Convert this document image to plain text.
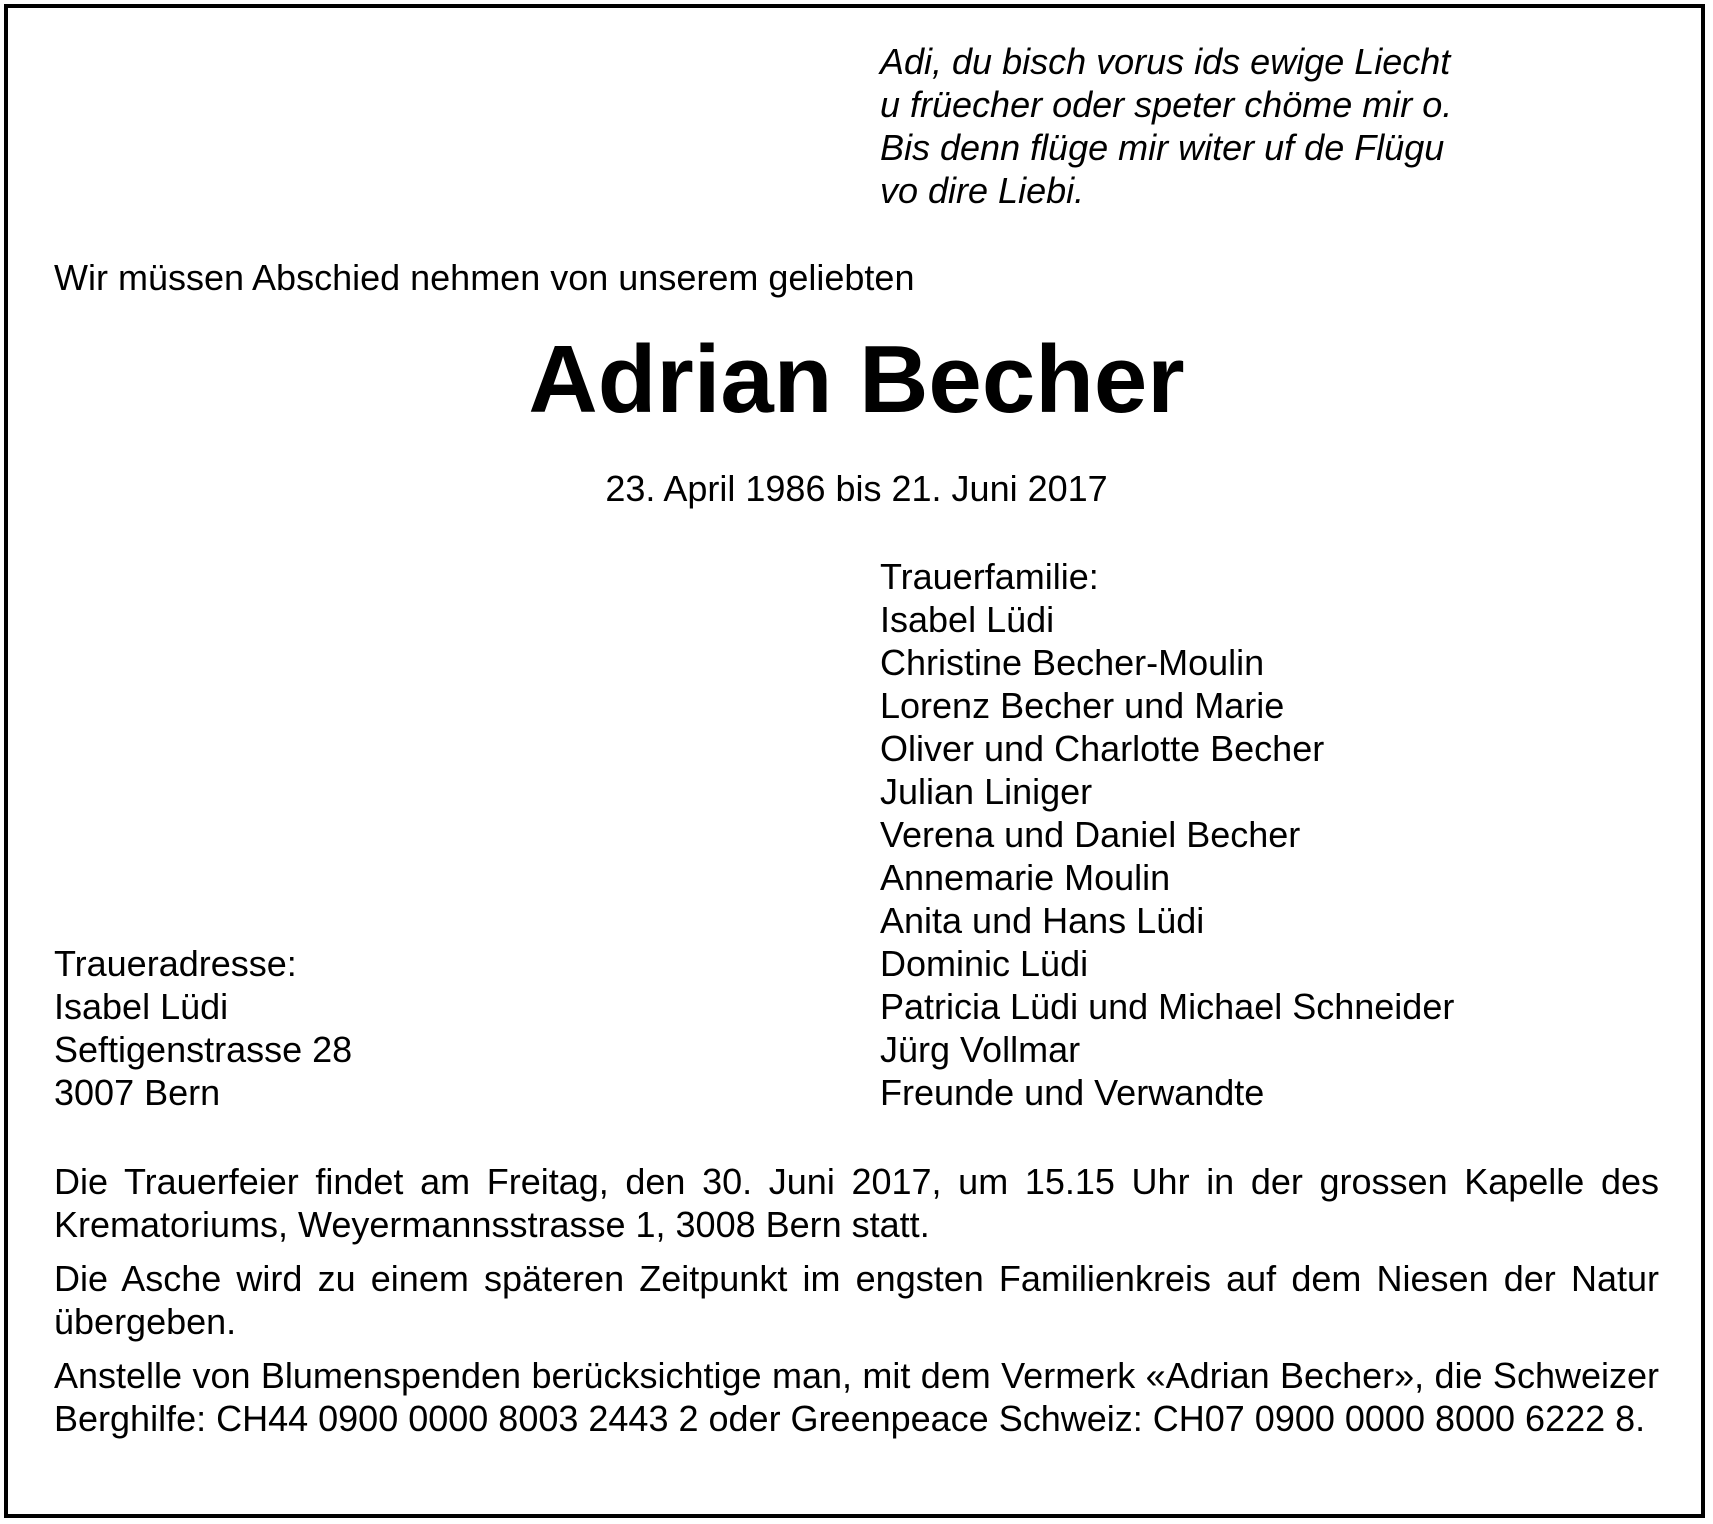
Adi, du bisch vorus ids ewige Liecht
u früecher oder speter chöme mir o.
Bis denn flüge mir witer uf de Flügu
vo dire Liebi.
Wir müssen Abschied nehmen von unserem geliebten
Adrian Becher
23. April 1986 bis 21. Juni 2017
Trauerfamilie:
Isabel Lüdi
Christine Becher-Moulin
Lorenz Becher und Marie
Oliver und Charlotte Becher
Julian Liniger
Verena und Daniel Becher
Annemarie Moulin
Anita und Hans Lüdi
Dominic Lüdi
Patricia Lüdi und Michael Schneider
Jürg Vollmar
Freunde und Verwandte
Traueradresse:
Isabel Lüdi
Seftigenstrasse 28
3007 Bern

Die Trauerfeier findet am Freitag, den 30. Juni 2017, um 15.15 Uhr in der grossen Kapelle des Krematoriums, Weyermannsstrasse 1, 3008 Bern statt.

Die Asche wird zu einem späteren Zeitpunkt im engsten Familienkreis auf dem Niesen der Natur übergeben.

Anstelle von Blumenspenden berücksichtige man, mit dem Vermerk «Adrian Becher», die Schweizer Berghilfe: CH44 0900 0000 8003 2443 2 oder Greenpeace Schweiz: CH07 0900 0000 8000 6222 8.
